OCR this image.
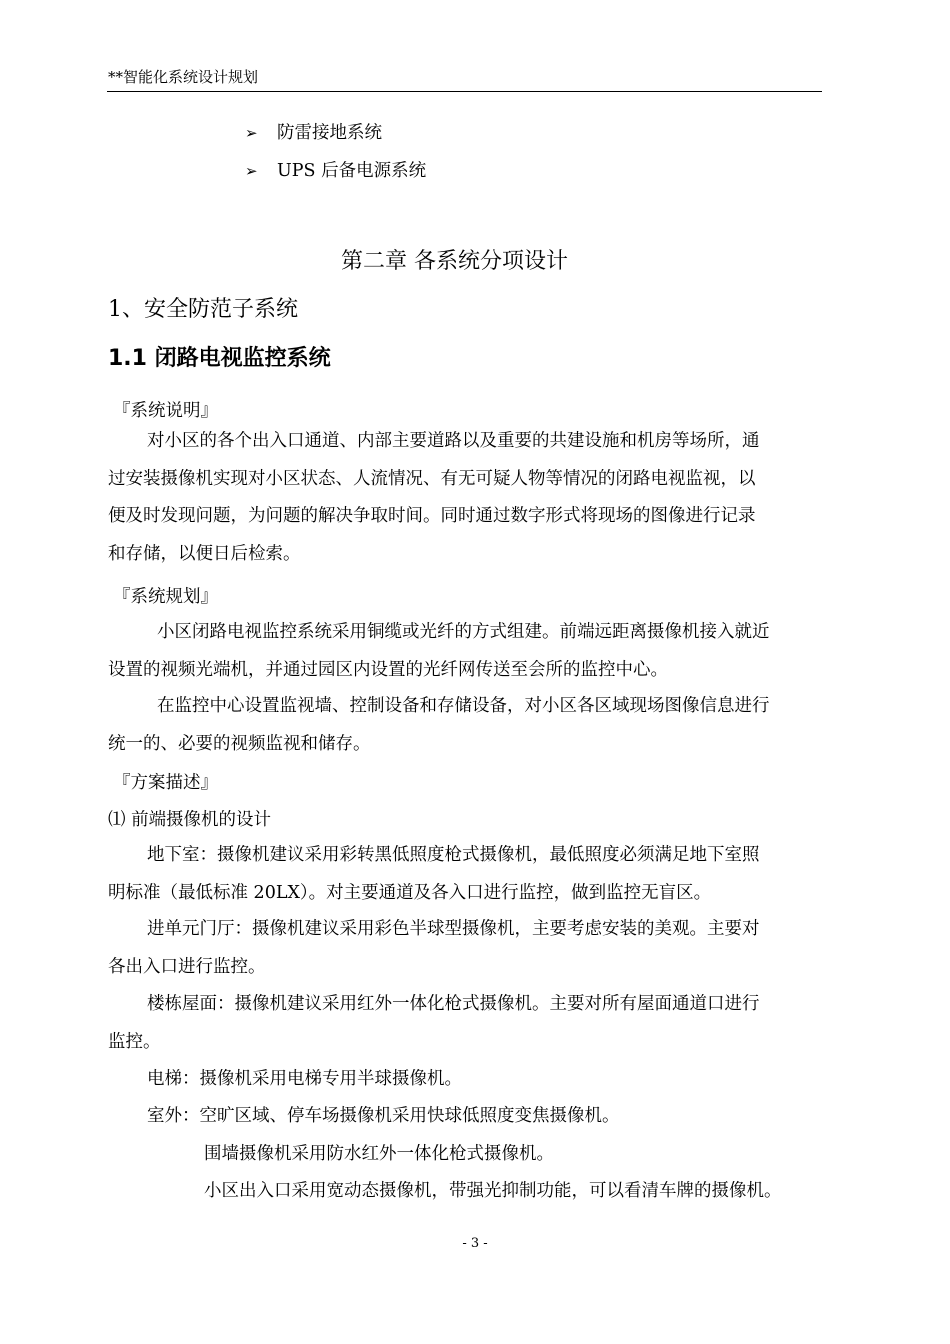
**智能化系统设计规划
➢ 防雷接地系统
➢ UPS 后备电源系统
第二章 各系统分项设计
1、安全防范子系统
1.1 闭路电视监控系统
『系统说明』
对小区的各个出入口通道、内部主要道路以及重要的共建设施和机房等场所，通
过安装摄像机实现对小区状态、人流情况、有无可疑人物等情况的闭路电视监视，以
便及时发现问题，为问题的解决争取时间。同时通过数字形式将现场的图像进行记录
和存储，以便日后检索。
『系统规划』
小区闭路电视监控系统采用铜缆或光纤的方式组建。前端远距离摄像机接入就近
设置的视频光端机，并通过园区内设置的光纤网传送至会所的监控中心。
在监控中心设置监视墙、控制设备和存储设备，对小区各区域现场图像信息进行
统一的、必要的视频监视和储存。
『方案描述』
⑴ 前端摄像机的设计
地下室：摄像机建议采用彩转黑低照度枪式摄像机，最低照度必须满足地下室照
明标准（最低标准 20LX）。对主要通道及各入口进行监控，做到监控无盲区。
进单元门厅：摄像机建议采用彩色半球型摄像机，主要考虑安装的美观。主要对
各出入口进行监控。
楼栋屋面：摄像机建议采用红外一体化枪式摄像机。主要对所有屋面通道口进行
监控。
电梯：摄像机采用电梯专用半球摄像机。
室外：空旷区域、停车场摄像机采用快球低照度变焦摄像机。
围墙摄像机采用防水红外一体化枪式摄像机。
小区出入口采用宽动态摄像机，带强光抑制功能，可以看清车牌的摄像机。
- 3 -
